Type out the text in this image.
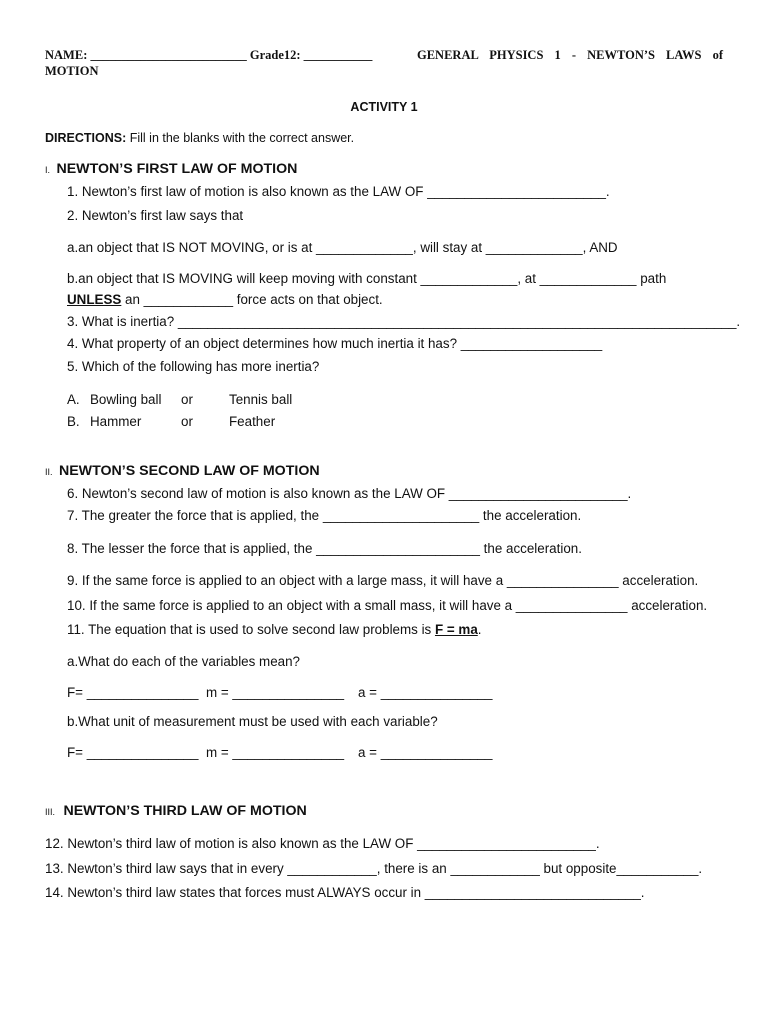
NAME: _________________________ Grade12: ___________	GENERAL PHYSICS 1 - NEWTON’S LAWS of
MOTION
ACTIVITY 1
DIRECTIONS: Fill in the blanks with the correct answer.
I. NEWTON’S FIRST LAW OF MOTION
1. Newton’s first law of motion is also known as the LAW OF ________________________.
2. Newton’s first law says that
a.an object that IS NOT MOVING, or is at _____________, will stay at _____________, AND
b.an object that IS MOVING will keep moving with constant _____________, at _____________ path
UNLESS an ____________ force acts on that object.
3. What is inertia? ___________________________________________________________________________.
4. What property of an object determines how much inertia it has? ___________________
5. Which of the following has more inertia?
A. Bowling ball or	Tennis ball
B. Hammer	or	Feather
II. NEWTON’S SECOND LAW OF MOTION
6. Newton’s second law of motion is also known as the LAW OF ________________________.
7. The greater the force that is applied, the _____________________ the acceleration.
8. The lesser the force that is applied, the ______________________ the acceleration.
9. If the same force is applied to an object with a large mass, it will have a _______________ acceleration.
10. If the same force is applied to an object with a small mass, it will have a _______________ acceleration.
11. The equation that is used to solve second law problems is F = ma.
a.What do each of the variables mean?
F= _______________ m = _______________ a = _______________
b.What unit of measurement must be used with each variable?
F= _______________ m = _______________ a = _______________
III. NEWTON’S THIRD LAW OF MOTION
12. Newton’s third law of motion is also known as the LAW OF ________________________.
13. Newton’s third law says that in every ____________, there is an ____________ but opposite___________.
14. Newton’s third law states that forces must ALWAYS occur in _____________________________.
